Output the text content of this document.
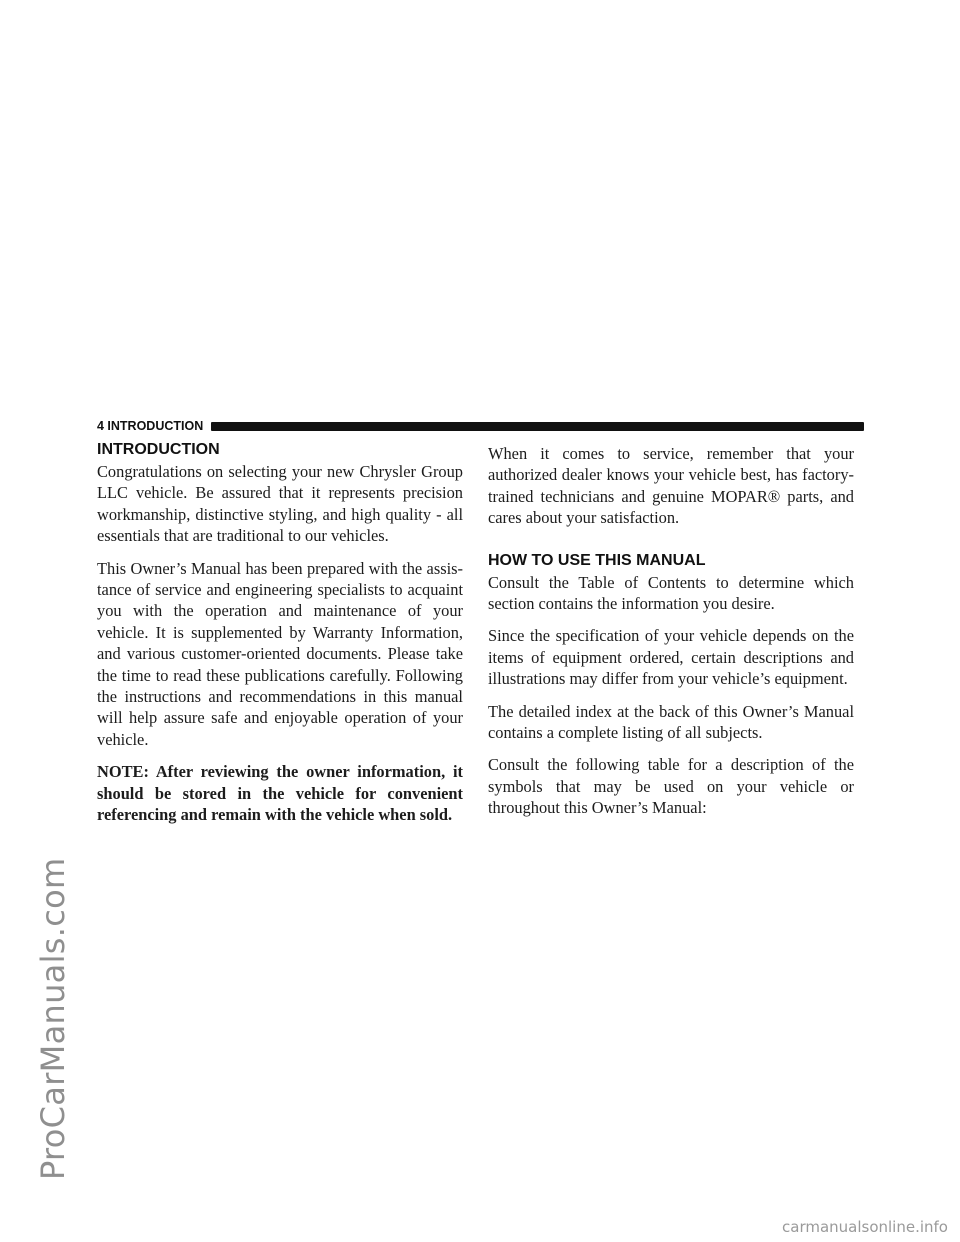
ProCarManuals.com
4 INTRODUCTION
INTRODUCTION

Congratulations on selecting your new Chrysler Group LLC vehicle. Be assured that it represents precision workmanship, distinctive styling, and high quality - all essentials that are traditional to our vehicles.

This Owner’s Manual has been prepared with the assistance of service and engineering specialists to acquaint you with the operation and maintenance of your vehicle. It is supplemented by Warranty Information, and various customer-oriented documents. Please take the time to read these publications carefully. Following the instructions and recommendations in this manual will help assure safe and enjoyable operation of your vehicle.

NOTE: After reviewing the owner information, it should be stored in the vehicle for convenient referencing and remain with the vehicle when sold.

When it comes to service, remember that your authorized dealer knows your vehicle best, has factory-trained technicians and genuine MOPAR® parts, and cares about your satisfaction.

HOW TO USE THIS MANUAL

Consult the Table of Contents to determine which section contains the information you desire.

Since the specification of your vehicle depends on the items of equipment ordered, certain descriptions and illustrations may differ from your vehicle’s equipment.

The detailed index at the back of this Owner’s Manual contains a complete listing of all subjects.

Consult the following table for a description of the symbols that may be used on your vehicle or throughout this Owner’s Manual:

carmanualsonline.info
